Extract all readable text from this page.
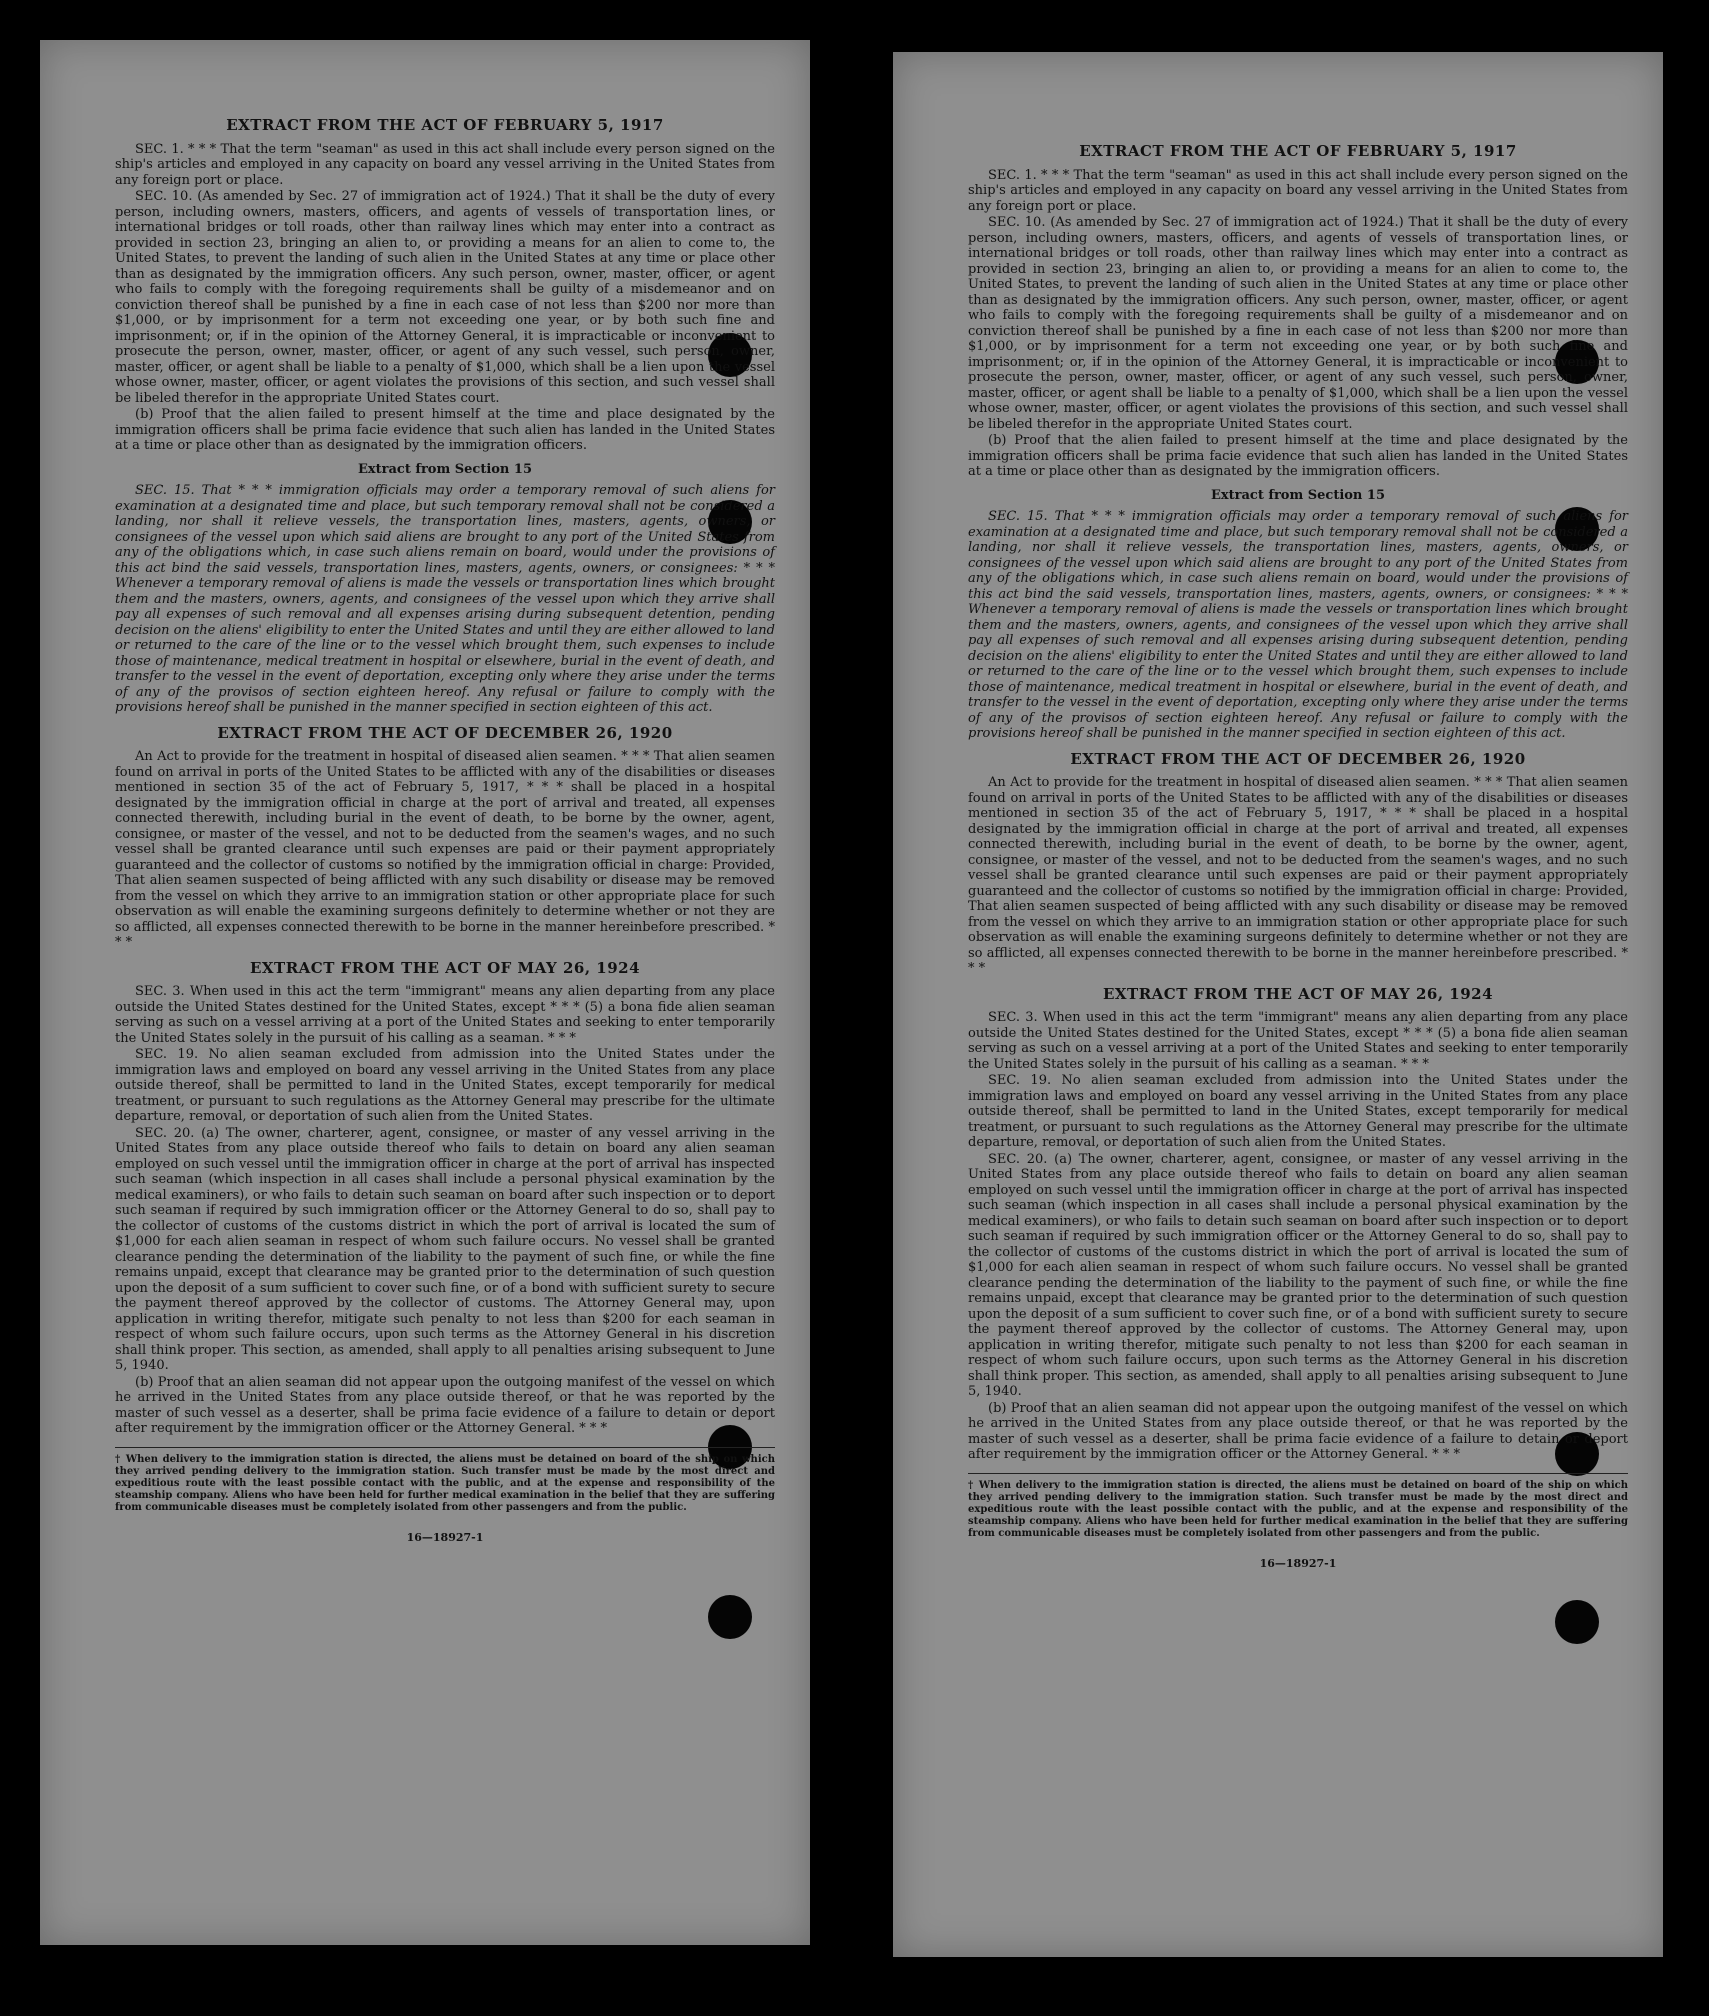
EXTRACT FROM THE ACT OF FEBRUARY 5, 1917

SEC. 1. * * * That the term "seaman" as used in this act shall include every person signed on the ship's articles and employed in any capacity on board any vessel arriving in the United States from any foreign port or place.

SEC. 10. (As amended by Sec. 27 of immigration act of 1924.) That it shall be the duty of every person, including owners, masters, officers, and agents of vessels of transportation lines, or international bridges or toll roads, other than railway lines which may enter into a contract as provided in section 23, bringing an alien to, or providing a means for an alien to come to, the United States, to prevent the landing of such alien in the United States at any time or place other than as designated by the immigration officers. Any such person, owner, master, officer, or agent who fails to comply with the foregoing requirements shall be guilty of a misdemeanor and on conviction thereof shall be punished by a fine in each case of not less than $200 nor more than $1,000, or by imprisonment for a term not exceeding one year, or by both such fine and imprisonment; or, if in the opinion of the Attorney General, it is impracticable or inconvenient to prosecute the person, owner, master, officer, or agent of any such vessel, such person, owner, master, officer, or agent shall be liable to a penalty of $1,000, which shall be a lien upon the vessel whose owner, master, officer, or agent violates the provisions of this section, and such vessel shall be libeled therefor in the appropriate United States court.

(b) Proof that the alien failed to present himself at the time and place designated by the immigration officers shall be prima facie evidence that such alien has landed in the United States at a time or place other than as designated by the immigration officers.

Extract from Section 15

SEC. 15. That * * * immigration officials may order a temporary removal of such aliens for examination at a designated time and place, but such temporary removal shall not be considered a landing, nor shall it relieve vessels, the transportation lines, masters, agents, owners, or consignees of the vessel upon which said aliens are brought to any port of the United States from any of the obligations which, in case such aliens remain on board, would under the provisions of this act bind the said vessels, transportation lines, masters, agents, owners, or consignees: * * * Whenever a temporary removal of aliens is made the vessels or transportation lines which brought them and the masters, owners, agents, and consignees of the vessel upon which they arrive shall pay all expenses of such removal and all expenses arising during subsequent detention, pending decision on the aliens' eligibility to enter the United States and until they are either allowed to land or returned to the care of the line or to the vessel which brought them, such expenses to include those of maintenance, medical treatment in hospital or elsewhere, burial in the event of death, and transfer to the vessel in the event of deportation, excepting only where they arise under the terms of any of the provisos of section eighteen hereof. Any refusal or failure to comply with the provisions hereof shall be punished in the manner specified in section eighteen of this act.

EXTRACT FROM THE ACT OF DECEMBER 26, 1920

An Act to provide for the treatment in hospital of diseased alien seamen. * * * That alien seamen found on arrival in ports of the United States to be afflicted with any of the disabilities or diseases mentioned in section 35 of the act of February 5, 1917, * * * shall be placed in a hospital designated by the immigration official in charge at the port of arrival and treated, all expenses connected therewith, including burial in the event of death, to be borne by the owner, agent, consignee, or master of the vessel, and not to be deducted from the seamen's wages, and no such vessel shall be granted clearance until such expenses are paid or their payment appropriately guaranteed and the collector of customs so notified by the immigration official in charge: Provided, That alien seamen suspected of being afflicted with any such disability or disease may be removed from the vessel on which they arrive to an immigration station or other appropriate place for such observation as will enable the examining surgeons definitely to determine whether or not they are so afflicted, all expenses connected therewith to be borne in the manner hereinbefore prescribed. * * *

EXTRACT FROM THE ACT OF MAY 26, 1924

SEC. 3. When used in this act the term "immigrant" means any alien departing from any place outside the United States destined for the United States, except * * * (5) a bona fide alien seaman serving as such on a vessel arriving at a port of the United States and seeking to enter temporarily the United States solely in the pursuit of his calling as a seaman. * * *

SEC. 19. No alien seaman excluded from admission into the United States under the immigration laws and employed on board any vessel arriving in the United States from any place outside thereof, shall be permitted to land in the United States, except temporarily for medical treatment, or pursuant to such regulations as the Attorney General may prescribe for the ultimate departure, removal, or deportation of such alien from the United States.

SEC. 20. (a) The owner, charterer, agent, consignee, or master of any vessel arriving in the United States from any place outside thereof who fails to detain on board any alien seaman employed on such vessel until the immigration officer in charge at the port of arrival has inspected such seaman (which inspection in all cases shall include a personal physical examination by the medical examiners), or who fails to detain such seaman on board after such inspection or to deport such seaman if required by such immigration officer or the Attorney General to do so, shall pay to the collector of customs of the customs district in which the port of arrival is located the sum of $1,000 for each alien seaman in respect of whom such failure occurs. No vessel shall be granted clearance pending the determination of the liability to the payment of such fine, or while the fine remains unpaid, except that clearance may be granted prior to the determination of such question upon the deposit of a sum sufficient to cover such fine, or of a bond with sufficient surety to secure the payment thereof approved by the collector of customs. The Attorney General may, upon application in writing therefor, mitigate such penalty to not less than $200 for each seaman in respect of whom such failure occurs, upon such terms as the Attorney General in his discretion shall think proper. This section, as amended, shall apply to all penalties arising subsequent to June 5, 1940.

(b) Proof that an alien seaman did not appear upon the outgoing manifest of the vessel on which he arrived in the United States from any place outside thereof, or that he was reported by the master of such vessel as a deserter, shall be prima facie evidence of a failure to detain or deport after requirement by the immigration officer or the Attorney General. * * *

† When delivery to the immigration station is directed, the aliens must be detained on board of the ship on which they arrived pending delivery to the immigration station. Such transfer must be made by the most direct and expeditious route with the least possible contact with the public, and at the expense and responsibility of the steamship company. Aliens who have been held for further medical examination in the belief that they are suffering from communicable diseases must be completely isolated from other passengers and from the public.
16—18927-1
EXTRACT FROM THE ACT OF FEBRUARY 5, 1917

SEC. 1. * * * That the term "seaman" as used in this act shall include every person signed on the ship's articles and employed in any capacity on board any vessel arriving in the United States from any foreign port or place.

SEC. 10. (As amended by Sec. 27 of immigration act of 1924.) That it shall be the duty of every person, including owners, masters, officers, and agents of vessels of transportation lines, or international bridges or toll roads, other than railway lines which may enter into a contract as provided in section 23, bringing an alien to, or providing a means for an alien to come to, the United States, to prevent the landing of such alien in the United States at any time or place other than as designated by the immigration officers. Any such person, owner, master, officer, or agent who fails to comply with the foregoing requirements shall be guilty of a misdemeanor and on conviction thereof shall be punished by a fine in each case of not less than $200 nor more than $1,000, or by imprisonment for a term not exceeding one year, or by both such fine and imprisonment; or, if in the opinion of the Attorney General, it is impracticable or inconvenient to prosecute the person, owner, master, officer, or agent of any such vessel, such person, owner, master, officer, or agent shall be liable to a penalty of $1,000, which shall be a lien upon the vessel whose owner, master, officer, or agent violates the provisions of this section, and such vessel shall be libeled therefor in the appropriate United States court.

(b) Proof that the alien failed to present himself at the time and place designated by the immigration officers shall be prima facie evidence that such alien has landed in the United States at a time or place other than as designated by the immigration officers.

Extract from Section 15

SEC. 15. That * * * immigration officials may order a temporary removal of such aliens for examination at a designated time and place, but such temporary removal shall not be considered a landing, nor shall it relieve vessels, the transportation lines, masters, agents, owners, or consignees of the vessel upon which said aliens are brought to any port of the United States from any of the obligations which, in case such aliens remain on board, would under the provisions of this act bind the said vessels, transportation lines, masters, agents, owners, or consignees: * * * Whenever a temporary removal of aliens is made the vessels or transportation lines which brought them and the masters, owners, agents, and consignees of the vessel upon which they arrive shall pay all expenses of such removal and all expenses arising during subsequent detention, pending decision on the aliens' eligibility to enter the United States and until they are either allowed to land or returned to the care of the line or to the vessel which brought them, such expenses to include those of maintenance, medical treatment in hospital or elsewhere, burial in the event of death, and transfer to the vessel in the event of deportation, excepting only where they arise under the terms of any of the provisos of section eighteen hereof. Any refusal or failure to comply with the provisions hereof shall be punished in the manner specified in section eighteen of this act.

EXTRACT FROM THE ACT OF DECEMBER 26, 1920

An Act to provide for the treatment in hospital of diseased alien seamen. * * * That alien seamen found on arrival in ports of the United States to be afflicted with any of the disabilities or diseases mentioned in section 35 of the act of February 5, 1917, * * * shall be placed in a hospital designated by the immigration official in charge at the port of arrival and treated, all expenses connected therewith, including burial in the event of death, to be borne by the owner, agent, consignee, or master of the vessel, and not to be deducted from the seamen's wages, and no such vessel shall be granted clearance until such expenses are paid or their payment appropriately guaranteed and the collector of customs so notified by the immigration official in charge: Provided, That alien seamen suspected of being afflicted with any such disability or disease may be removed from the vessel on which they arrive to an immigration station or other appropriate place for such observation as will enable the examining surgeons definitely to determine whether or not they are so afflicted, all expenses connected therewith to be borne in the manner hereinbefore prescribed. * * *

EXTRACT FROM THE ACT OF MAY 26, 1924

SEC. 3. When used in this act the term "immigrant" means any alien departing from any place outside the United States destined for the United States, except * * * (5) a bona fide alien seaman serving as such on a vessel arriving at a port of the United States and seeking to enter temporarily the United States solely in the pursuit of his calling as a seaman. * * *

SEC. 19. No alien seaman excluded from admission into the United States under the immigration laws and employed on board any vessel arriving in the United States from any place outside thereof, shall be permitted to land in the United States, except temporarily for medical treatment, or pursuant to such regulations as the Attorney General may prescribe for the ultimate departure, removal, or deportation of such alien from the United States.

SEC. 20. (a) The owner, charterer, agent, consignee, or master of any vessel arriving in the United States from any place outside thereof who fails to detain on board any alien seaman employed on such vessel until the immigration officer in charge at the port of arrival has inspected such seaman (which inspection in all cases shall include a personal physical examination by the medical examiners), or who fails to detain such seaman on board after such inspection or to deport such seaman if required by such immigration officer or the Attorney General to do so, shall pay to the collector of customs of the customs district in which the port of arrival is located the sum of $1,000 for each alien seaman in respect of whom such failure occurs. No vessel shall be granted clearance pending the determination of the liability to the payment of such fine, or while the fine remains unpaid, except that clearance may be granted prior to the determination of such question upon the deposit of a sum sufficient to cover such fine, or of a bond with sufficient surety to secure the payment thereof approved by the collector of customs. The Attorney General may, upon application in writing therefor, mitigate such penalty to not less than $200 for each seaman in respect of whom such failure occurs, upon such terms as the Attorney General in his discretion shall think proper. This section, as amended, shall apply to all penalties arising subsequent to June 5, 1940.

(b) Proof that an alien seaman did not appear upon the outgoing manifest of the vessel on which he arrived in the United States from any place outside thereof, or that he was reported by the master of such vessel as a deserter, shall be prima facie evidence of a failure to detain or deport after requirement by the immigration officer or the Attorney General. * * *

† When delivery to the immigration station is directed, the aliens must be detained on board of the ship on which they arrived pending delivery to the immigration station. Such transfer must be made by the most direct and expeditious route with the least possible contact with the public, and at the expense and responsibility of the steamship company. Aliens who have been held for further medical examination in the belief that they are suffering from communicable diseases must be completely isolated from other passengers and from the public.
16—18927-1
